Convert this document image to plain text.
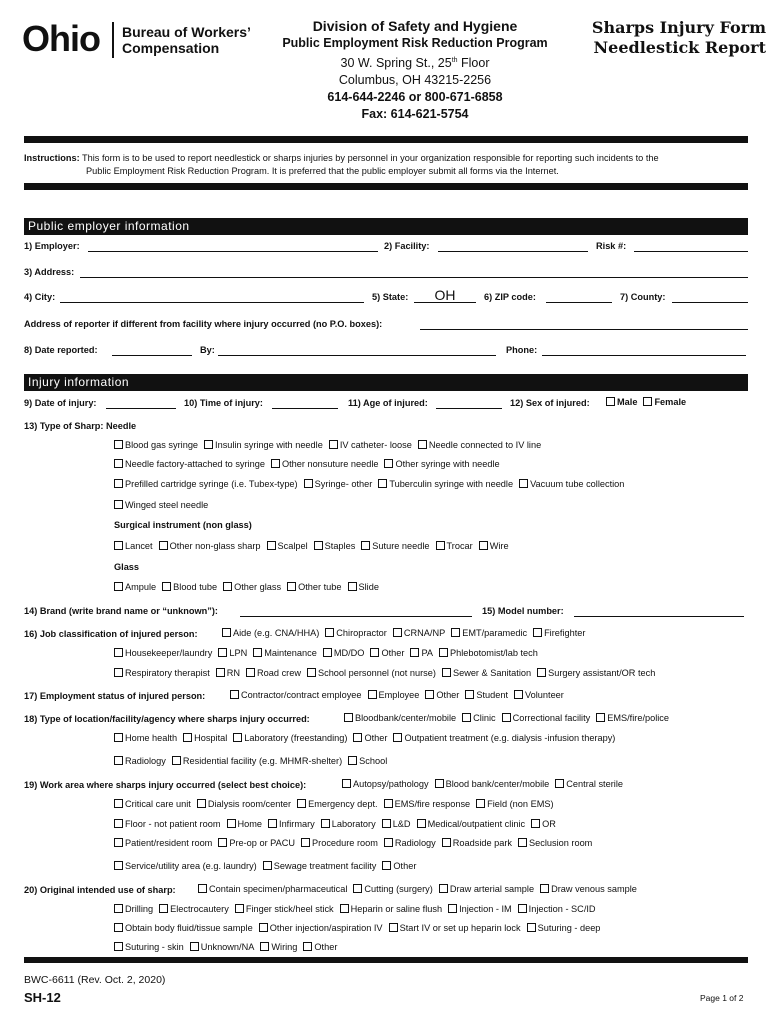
Ohio Bureau of Workers’
Compensation
Division of Safety and Hygiene
Public Employment Risk Reduction Program
30 W. Spring St., 25th Floor
Columbus, OH 43215-2256
614-644-2246 or 800-671-6858
Fax: 614-621-5754
Sharps Injury Form
Needlestick Report
Instructions: This form is to be used to report needlestick or sharps injuries by personnel in your organization responsible for reporting such incidents to the
Public Employment Risk Reduction Program. It is preferred that the public employer submit all forms via the Internet.
Public employer information
1) Employer:	2) Facility:	Risk #:
3) Address:
4) City:	5) State:	OH	6) ZIP code:	7) County:
Address of reporter if different from facility where injury occurred (no P.O. boxes):
8) Date reported:	By:	Phone:
Injury information
9) Date of injury:	10) Time of injury:	11) Age of injured:	12) Sex of injured:	Male Female
13) Type of Sharp: Needle
Blood gas syringe Insulin syringe with needle IV catheter- loose Needle connected to IV line
Needle factory-attached to syringe Other nonsuture needle Other syringe with needle
Prefilled cartridge syringe (i.e. Tubex-type) Syringe- other Tuberculin syringe with needle Vacuum tube collection
Winged steel needle
Surgical instrument (non glass)
Lancet Other non-glass sharp Scalpel Staples Suture needle Trocar Wire
Glass
Ampule Blood tube Other glass Other tube Slide
14) Brand (write brand name or “unknown”):	15) Model number:
16) Job classification of injured person:	Aide (e.g. CNA/HHA) Chiropractor CRNA/NP EMT/paramedic Firefighter
Housekeeper/laundry LPN Maintenance MD/DO Other PA Phlebotomist/lab tech
Respiratory therapist RN Road crew School personnel (not nurse) Sewer & Sanitation Surgery assistant/OR tech
17) Employment status of injured person:	Contractor/contract employee Employee Other Student Volunteer
18) Type of location/facility/agency where sharps injury occurred:	Bloodbank/center/mobile Clinic Correctional facility EMS/fire/police
Home health Hospital Laboratory (freestanding) Other Outpatient treatment (e.g. dialysis -infusion therapy)
Radiology Residential facility (e.g. MHMR-shelter) School
19) Work area where sharps injury occurred (select best choice):	Autopsy/pathology Blood bank/center/mobile Central sterile
Critical care unit Dialysis room/center Emergency dept. EMS/fire response Field (non EMS)
Floor - not patient room Home Infirmary Laboratory L&D Medical/outpatient clinic OR
Patient/resident room Pre-op or PACU Procedure room Radiology Roadside park Seclusion room
Service/utility area (e.g. laundry) Sewage treatment facility Other
20) Original intended use of sharp:	Contain specimen/pharmaceutical Cutting (surgery) Draw arterial sample Draw venous sample
Drilling Electrocautery Finger stick/heel stick Heparin or saline flush Injection - IM Injection - SC/ID
Obtain body fluid/tissue sample Other injection/aspiration IV Start IV or set up heparin lock Suturing - deep
Suturing - skin Unknown/NA Wiring Other
BWC-6611 (Rev. Oct. 2, 2020)
SH-12	Page 1 of 2
